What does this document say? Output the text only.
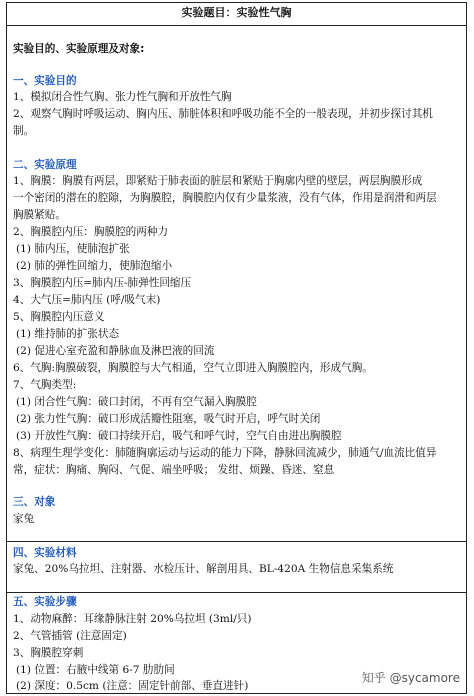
实验题目：实验性气胸
实验目的、实验原理及对象:
一、实验目的
1、模拟闭合性气胸、张力性气胸和开放性气胸
2、观察气胸时呼吸运动、胸内压、肺脏体积和呼吸功能不全的一般表现，并初步探讨其机
制。
二、实验原理
1、胸膜：胸膜有两层，即紧贴于肺表面的脏层和紧贴于胸廓内壁的壁层，两层胸膜形成
一个密闭的潜在的腔隙，为胸膜腔，胸膜腔内仅有少量浆液，没有气体，作用是润滑和两层
胸膜紧贴。
2、胸膜腔内压：胸膜腔的两种力
(1) 肺内压，使肺泡扩张
(2) 肺的弹性回缩力，使肺泡缩小
3、胸膜腔内压=肺内压-肺弹性回缩压
4、大气压=肺内压 (呼/吸气末)
5、胸膜腔内压意义
(1) 维持肺的扩张状态
(2) 促进心室充盈和静脉血及淋巴液的回流
6、气胸:胸膜破裂，胸膜腔与大气相通，空气立即进入胸膜腔内，形成气胸。
7、气胸类型:
(1) 闭合性气胸：破口封闭，不再有空气漏入胸膜腔
(2) 张力性气胸：破口形成活瓣性阻塞，吸气时开启，呼气时关闭
(3) 开放性气胸：破口持续开启，吸气和呼气时，空气自由进出胸膜腔
8、病理生理学变化：肺随胸廓运动与运动的能力下降，静脉回流减少，肺通气/血流比值异
常，症状：胸痛、胸闷、气促、端坐呼吸； 发绀、烦躁、昏迷、窒息
三、对象
家兔
四、实验材料
家兔、20%乌拉坦、注射器、水检压计、解剖用具、BL-420A 生物信息采集系统
五、实验步骤
1、动物麻醉：耳缘静脉注射 20%乌拉坦 (3ml/只)
2、气管插管 (注意固定)
3、胸膜腔穿刺
(1) 位置：右腋中线第 6-7 肋肋间
(2) 深度：0.5cm (注意：固定针前部、垂直进针)
知乎 @sycamore
